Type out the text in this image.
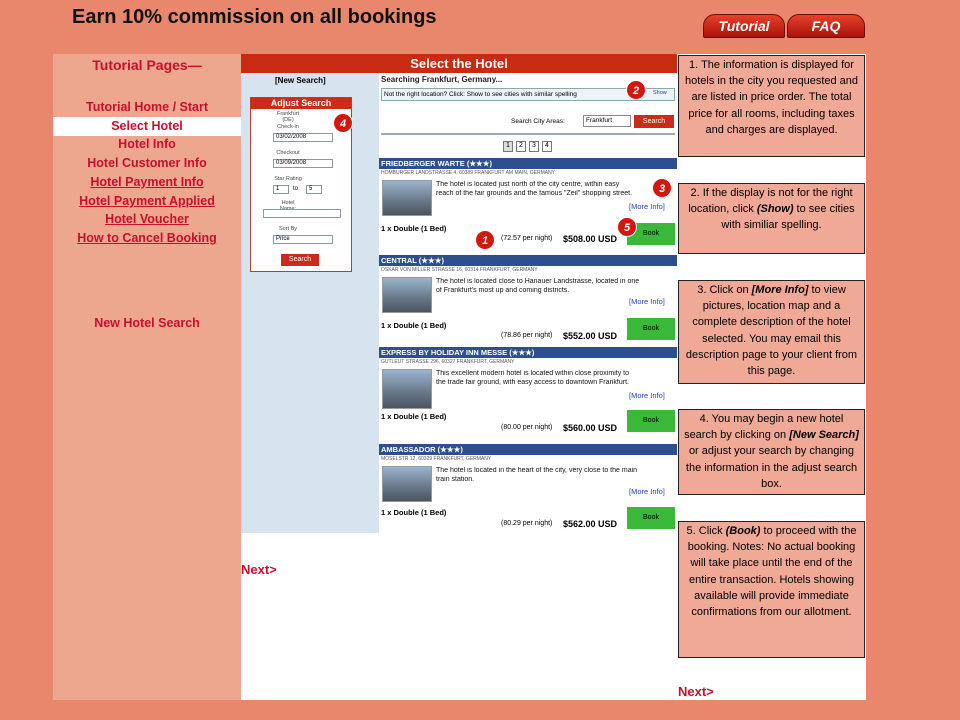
Earn 10% commission on all bookings	Tutorial	FAQ
Tutorial Pages—
Tutorial Home / Start
Select Hotel
Hotel Info
Hotel Customer Info
Hotel Payment Info
Hotel Payment Applied
Hotel Voucher
How to Cancel Booking
New Hotel Search
Select the Hotel
Next>
[New Search]
Adjust Search
Frankfurt (DE)
Check-in
03/02/2008
Checkout
03/09/2008
Star Rating
1	to	5
Hotel
Sort By
Price
Search
Searching Frankfurt, Germany...
Not the right location? Click: Show to see cities with similar spelling	Show
Search City Areas:	Frankfurt	Search
1	2	3	4
FRIEDBERGER WARTE (★★★)
HOMBURGER LANDSTRASSE 4, 60389 FRANKFURT AM MAIN, GERMANY
The hotel is located just north of the city centre, within easy
reach of the fair grounds and the famous "Zeil" shopping street.
[More Info]
1 x Double (1 Bed)
(72.57 per night) $508.00 USD
Book
CENTRAL (★★★)
OSKAR VON MILLER STRASSE 16, 60314 FRANKFURT, GERMANY
The hotel is located close to Hanauer Landstrasse, located in one
of Frankfurt's most up and coming districts.
[More Info]
1 x Double (1 Bed)
(78.86 per night) $552.00 USD
Book
EXPRESS BY HOLIDAY INN MESSE (★★★)
GUTLEUT STRASSE 296, 60327 FRANKFURT, GERMANY
This excellent modern hotel is located within close proximity to
the trade fair ground, with easy access to downtown Frankfurt.
[More Info]
1 x Double (1 Bed)
(80.00 per night) $560.00 USD
Book
AMBASSADOR (★★★)
MOSELSTR 12, 60329 FRANKFURT, GERMANY
The hotel is located in the heart of the city, very close to the main
train station.
[More Info]
1 x Double (1 Bed)
(80.29 per night) $562.00 USD
Book
1
2
3
4
5
1. The information is displayed for hotels in the city you requested and are listed in price order. The total price for all rooms, including taxes and charges are displayed.
2. If the display is not for the right location, click (Show) to see cities with similiar spelling.
3. Click on [More Info] to view pictures, location map and a complete description of the hotel selected. You may email this description page to your client from this page.
4. You may begin a new hotel search by clicking on [New Search] or adjust your search by changing the information in the adjust search box.
5. Click (Book) to proceed with the booking. Notes: No actual booking will take place until the end of the entire transaction. Hotels showing available will provide immediate confirmations from our allotment.
Next>
